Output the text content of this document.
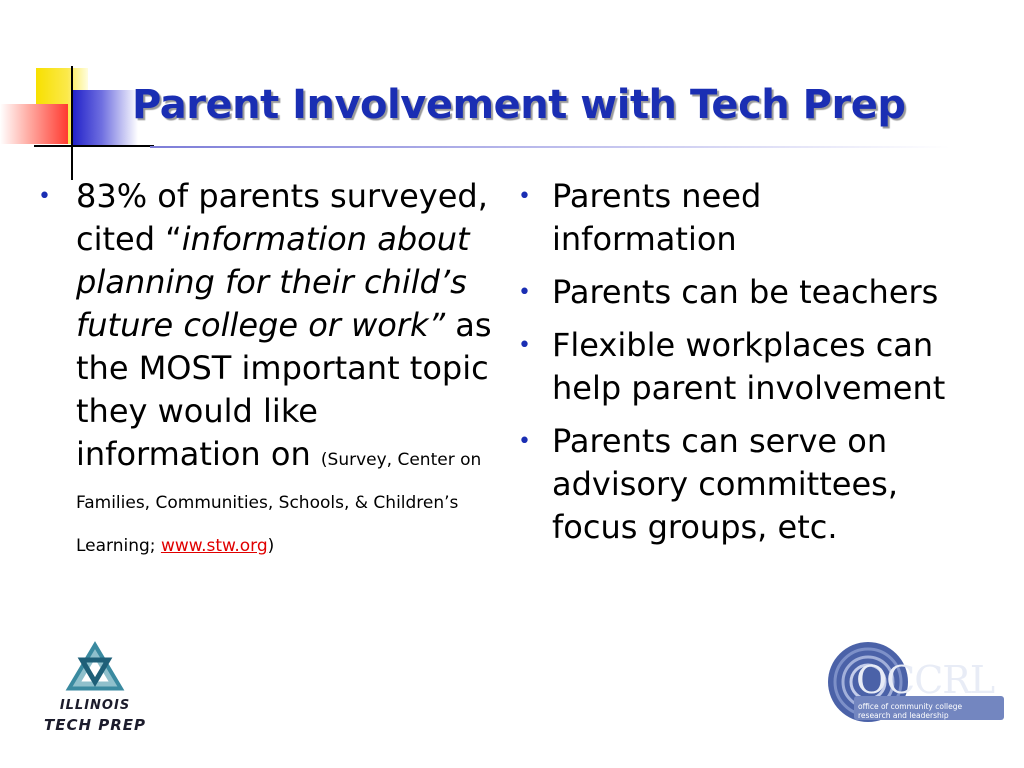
Parent Involvement with Tech Prep
• 83% of parents surveyed, cited “information about planning for their child’s future college or work” as the MOST important topic they would like information on (Survey, Center on Families, Communities, Schools, & Children’s Learning; www.stw.org)
• Parents need information
• Parents can be teachers
• Flexible workplaces can help parent involvement
• Parents can serve on advisory committees, focus groups, etc.
ILLINOIS
TECH PREP
OCCRL
office of community college
research and leadership
